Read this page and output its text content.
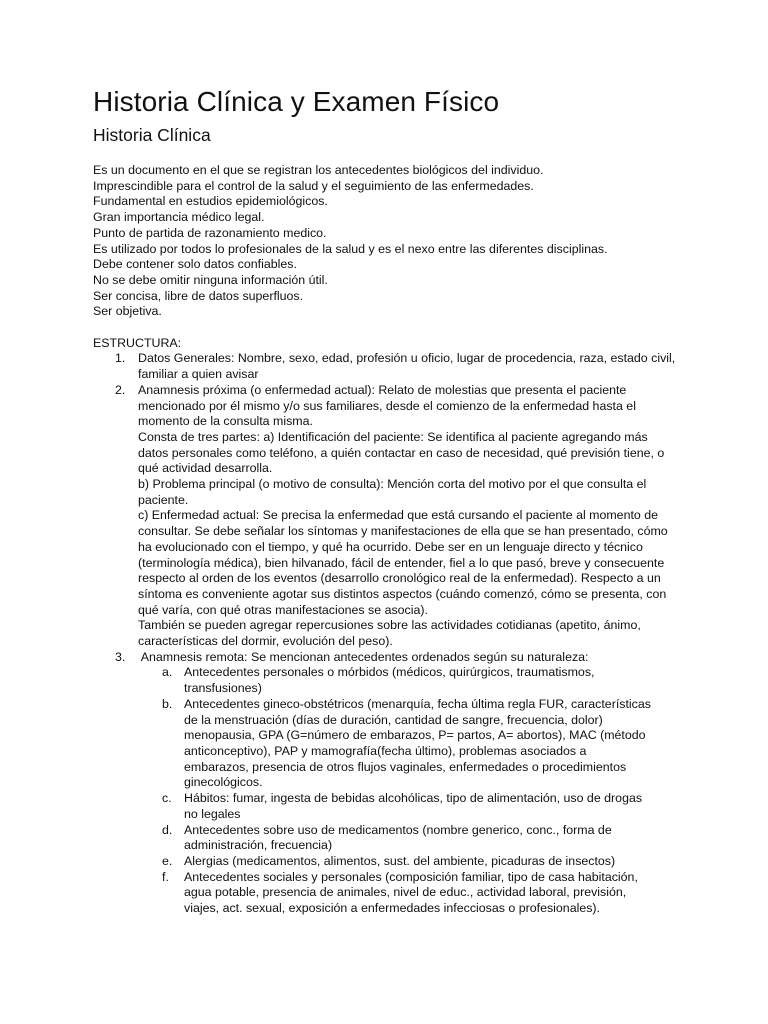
Historia Clínica y Examen Físico
Historia Clínica

Es un documento en el que se registran los antecedentes biológicos del individuo.

Imprescindible para el control de la salud y el seguimiento de las enfermedades.

Fundamental en estudios epidemiológicos.

Gran importancia médico legal.

Punto de partida de razonamiento medico.

Es utilizado por todos lo profesionales de la salud y es el nexo entre las diferentes disciplinas.

Debe contener solo datos confiables.

No se debe omitir ninguna información útil.

Ser concisa, libre de datos superfluos.

Ser objetiva.

ESTRUCTURA:

1. Datos Generales: Nombre, sexo, edad, profesión u oficio, lugar de procedencia, raza, estado civil, familiar a quien avisar

2. Anamnesis próxima (o enfermedad actual): Relato de molestias que presenta el paciente mencionado por él mismo y/o sus familiares, desde el comienzo de la enfermedad hasta el momento de la consulta misma.

Consta de tres partes: a) Identificación del paciente: Se identifica al paciente agregando más datos personales como teléfono, a quién contactar en caso de necesidad, qué previsión tiene, o qué actividad desarrolla.

b) Problema principal (o motivo de consulta): Mención corta del motivo por el que consulta el paciente.

c) Enfermedad actual: Se precisa la enfermedad que está cursando el paciente al momento de consultar. Se debe señalar los síntomas y manifestaciones de ella que se han presentado, cómo ha evolucionado con el tiempo, y qué ha ocurrido. Debe ser en un lenguaje directo y técnico (terminología médica), bien hilvanado, fácil de entender, fiel a lo que pasó, breve y consecuente respecto al orden de los eventos (desarrollo cronológico real de la enfermedad). Respecto a un síntoma es conveniente agotar sus distintos aspectos (cuándo comenzó, cómo se presenta, con qué varía, con qué otras manifestaciones se asocia).

También se pueden agregar repercusiones sobre las actividades cotidianas (apetito, ánimo, características del dormir, evolución del peso).

3. Anamnesis remota: Se mencionan antecedentes ordenados según su naturaleza:

a. Antecedentes personales o mórbidos (médicos, quirúrgicos, traumatismos, transfusiones)

b. Antecedentes gineco-obstétricos (menarquía, fecha última regla FUR, características de la menstruación (días de duración, cantidad de sangre, frecuencia, dolor) menopausia, GPA (G=número de embarazos, P= partos, A= abortos), MAC (método anticonceptivo), PAP y mamografía(fecha último), problemas asociados a embarazos, presencia de otros flujos vaginales, enfermedades o procedimientos ginecológicos.

c. Hábitos: fumar, ingesta de bebidas alcohólicas, tipo de alimentación, uso de drogas no legales

d. Antecedentes sobre uso de medicamentos (nombre generico, conc., forma de administración, frecuencia)

e. Alergias (medicamentos, alimentos, sust. del ambiente, picaduras de insectos)

f. Antecedentes sociales y personales (composición familiar, tipo de casa habitación, agua potable, presencia de animales, nivel de educ., actividad laboral, previsión, viajes, act. sexual, exposición a enfermedades infecciosas o profesionales).
